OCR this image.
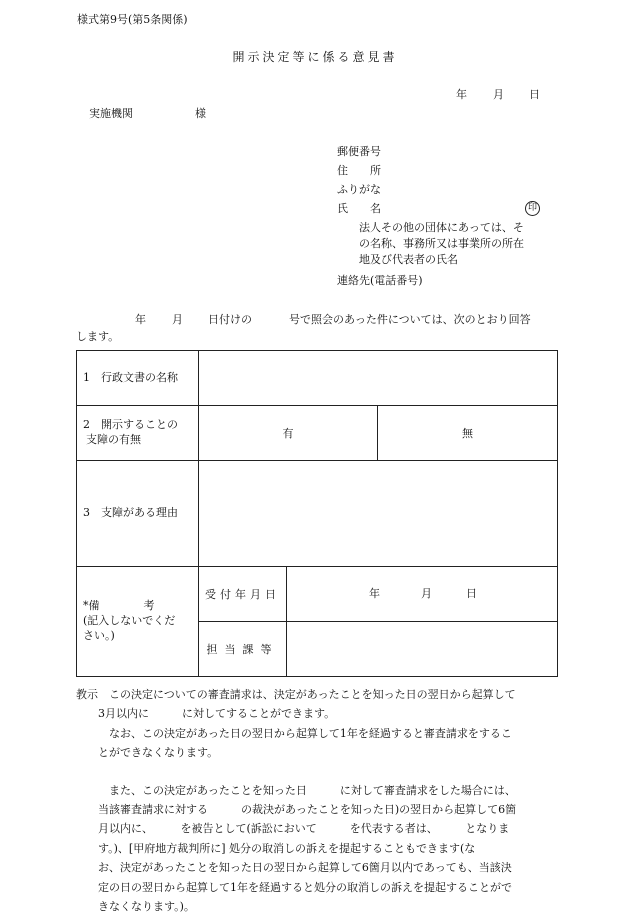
様式第9号(第5条関係)
開示決定等に係る意見書
年 月 日
実施機関	様
郵便番号
住　　所
ふりがな
氏　　名	印
法人その他の団体にあっては、そ
の名称、事務所又は事業所の所在
地及び代表者の氏名
連絡先(電話番号)
年 月 日付けの	号で照会のあった件については、次のとおり回答
します。
1　行政文書の名称			
2　開示することの
支障の有無	有		無
3　支障がある理由			
*備　　　　考
(記入しないでくだ
さい。)	受付年月日	年 月 日	

	担当課等		

教示　 この決定についての審査請求は、決定があったことを知った日の翌日から起算して

3月以内に　　　に対してすることができます。

なお、この決定があった日の翌日から起算して1年を経過すると審査請求をするこ

とができなくなります。

また、この決定があったことを知った日　　　に対して審査請求をした場合には、

当該審査請求に対する　　　の裁決があったことを知った日)の翌日から起算して6箇

月以内に、　　　を被告として(訴訟において　　　を代表する者は、　　　となりま

す。)、[甲府地方裁判所に] 処分の取消しの訴えを提起することもできます(な

お、決定があったことを知った日の翌日から起算して6箇月以内であっても、当該決

定の日の翌日から起算して1年を経過すると処分の取消しの訴えを提起することがで

きなくなります。)。
